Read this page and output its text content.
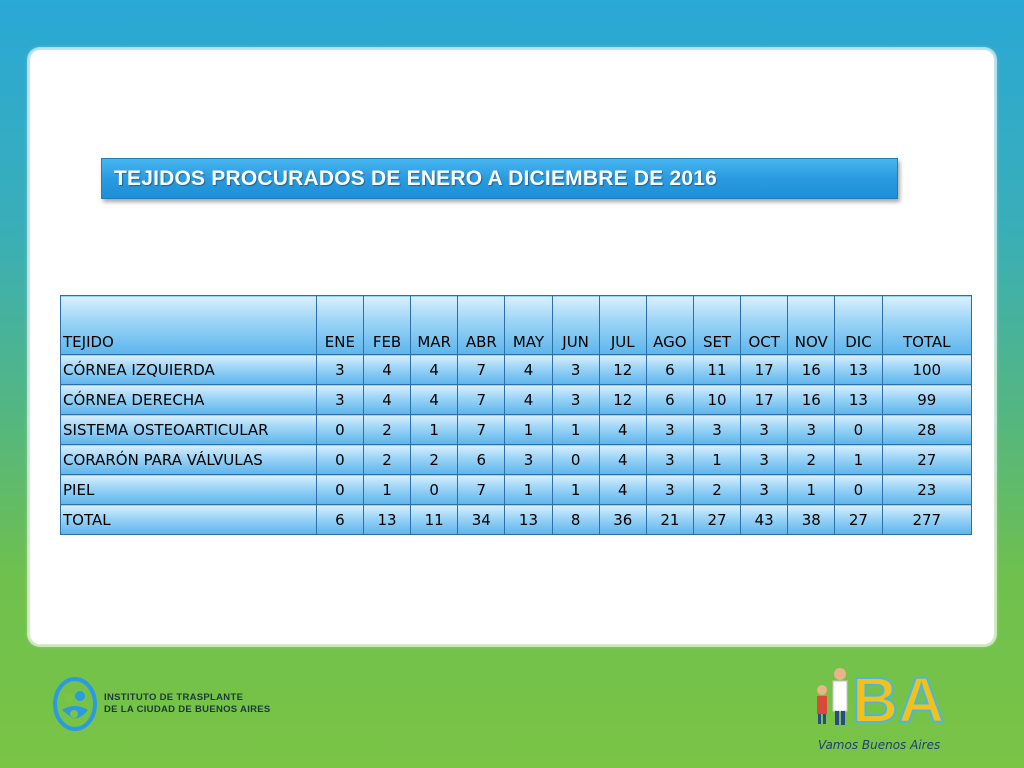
TEJIDOS PROCURADOS DE ENERO A DICIEMBRE DE 2016
TEJIDO	ENE	FEB	MAR	ABR	MAY	JUN	JUL	AGO	SET	OCT	NOV	DIC	TOTAL
CÓRNEA IZQUIERDA	3	4	4	7	4	3	12	6	11	17	16	13	100
CÓRNEA DERECHA	3	4	4	7	4	3	12	6	10	17	16	13	99
SISTEMA OSTEOARTICULAR	0	2	1	7	1	1	4	3	3	3	3	0	28
CORARÓN PARA VÁLVULAS	0	2	2	6	3	0	4	3	1	3	2	1	27
PIEL	0	1	0	7	1	1	4	3	2	3	1	0	23
TOTAL	6	13	11	34	13	8	36	21	27	43	38	27	277
INSTITUTO DE TRASPLANTE
DE LA CIUDAD DE BUENOS AIRES	BA
Vamos Buenos Aires
